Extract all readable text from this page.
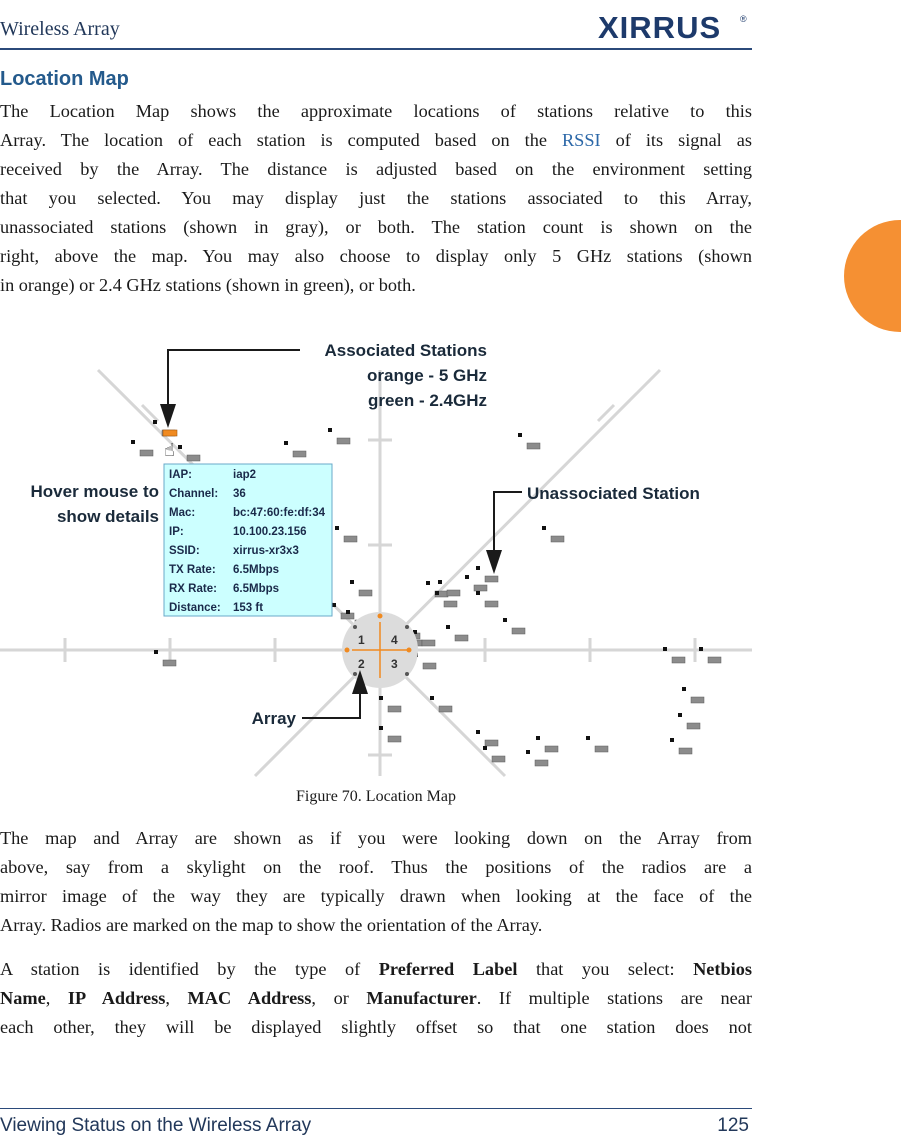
Wireless Array	XIRRUS ®
Location Map

The Location Map shows the approximate locations of stations relative to this
Array. The location of each station is computed based on the RSSI of its signal as
received by the Array. The distance is adjusted based on the environment setting
that you selected. You may display just the stations associated to this Array,
unassociated stations (shown in gray), or both. The station count is shown on the
right, above the map. You may also choose to display only 5 GHz stations (shown
in orange) or 2.4 GHz stations (shown in green), or both.

☝
1 4
2 3
IAP:	iap2
Channel: 36
Mac:	bc:47:60:fe:df:34
IP:	10.100.23.156
SSID:	xirrus-xr3x3
TX Rate: 6.5Mbps
RX Rate: 6.5Mbps
Distance: 153 ft
Associated Stations
orange - 5 GHz
green - 2.4GHz
Hover mouse to
show details
Unassociated Station
Array
Figure 70. Location Map

The map and Array are shown as if you were looking down on the Array from
above, say from a skylight on the roof. Thus the positions of the radios are a
mirror image of the way they are typically drawn when looking at the face of the
Array. Radios are marked on the map to show the orientation of the Array.

A station is identified by the type of Preferred Label that you select: Netbios
Name, IP Address, MAC Address, or Manufacturer. If multiple stations are near
each other, they will be displayed slightly offset so that one station does not

Viewing Status on the Wireless Array	125
